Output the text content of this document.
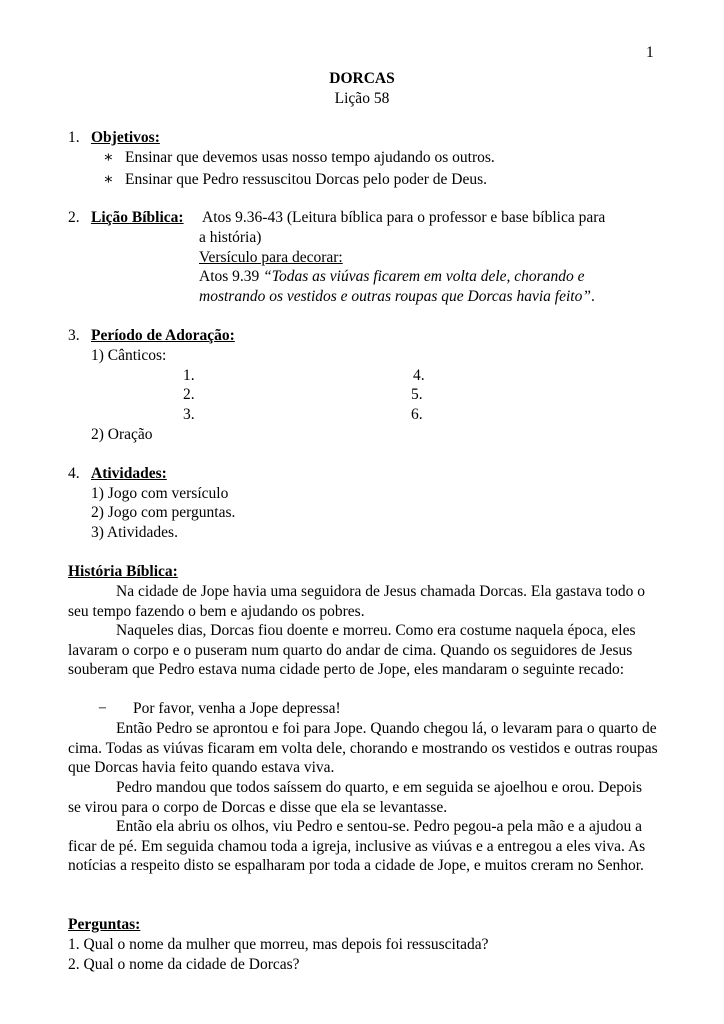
1
DORCAS
Lição 58
1. Objetivos:
∗ Ensinar que devemos usas nosso tempo ajudando os outros.
∗ Ensinar que Pedro ressuscitou Dorcas pelo poder de Deus.
2. Lição Bíblica: Atos 9.36-43 (Leitura bíblica para o professor e base bíblica para
a história)
Versículo para decorar:
Atos 9.39 “Todas as viúvas ficarem em volta dele, chorando e
mostrando os vestidos e outras roupas que Dorcas havia feito”.
3. Período de Adoração:
1) Cânticos:
1.
2.
3.
4.
5.
6.
2) Oração
4. Atividades:
1) Jogo com versículo
2) Jogo com perguntas.
3) Atividades.
História Bíblica:
Na cidade de Jope havia uma seguidora de Jesus chamada Dorcas. Ela gastava todo o seu tempo fazendo o bem e ajudando os pobres.
Naqueles dias, Dorcas fiou doente e morreu. Como era costume naquela época, eles lavaram o corpo e o puseram num quarto do andar de cima. Quando os seguidores de Jesus souberam que Pedro estava numa cidade perto de Jope, eles mandaram o seguinte recado:
− Por favor, venha a Jope depressa!
Então Pedro se aprontou e foi para Jope. Quando chegou lá, o levaram para o quarto de cima. Todas as viúvas ficaram em volta dele, chorando e mostrando os vestidos e outras roupas que Dorcas havia feito quando estava viva.
Pedro mandou que todos saíssem do quarto, e em seguida se ajoelhou e orou. Depois se virou para o corpo de Dorcas e disse que ela se levantasse.
Então ela abriu os olhos, viu Pedro e sentou-se. Pedro pegou-a pela mão e a ajudou a ficar de pé. Em seguida chamou toda a igreja, inclusive as viúvas e a entregou a eles viva. As notícias a respeito disto se espalharam por toda a cidade de Jope, e muitos creram no Senhor.
Perguntas:
1. Qual o nome da mulher que morreu, mas depois foi ressuscitada?
2. Qual o nome da cidade de Dorcas?
